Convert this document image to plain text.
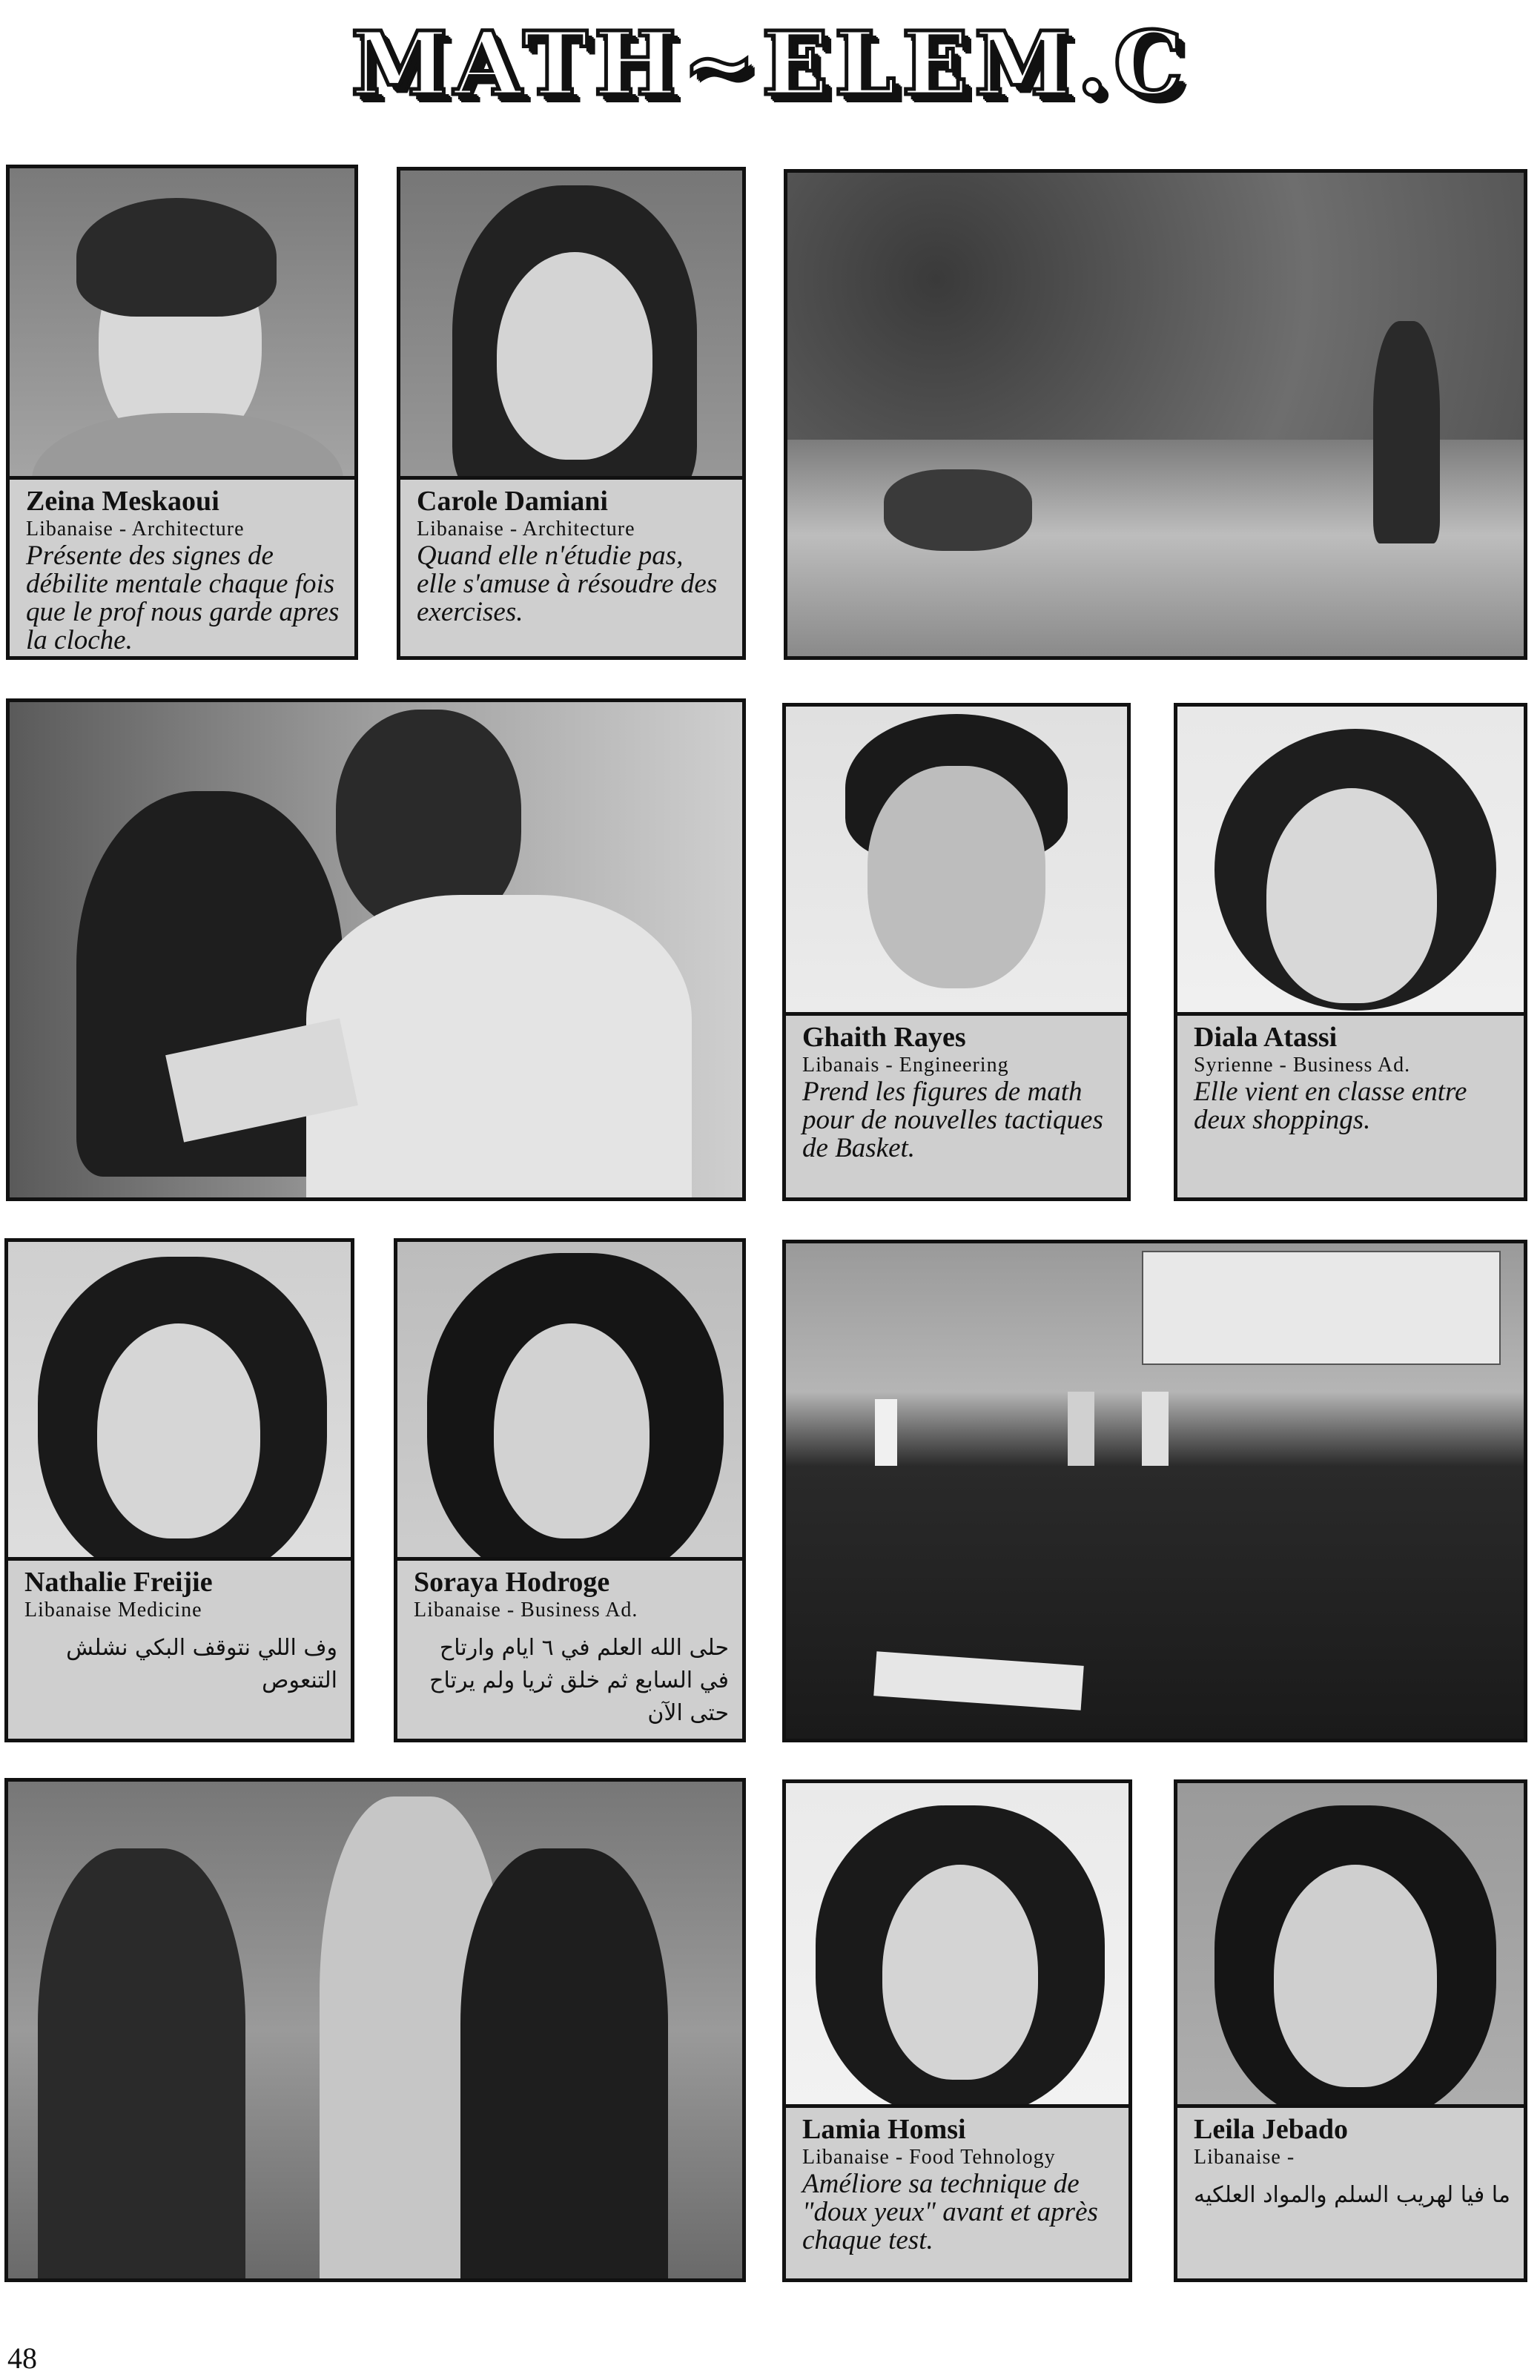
MATH~ELEM.C
Zeina Meskaoui
Libanaise - Architecture
Présente des signes de débilite mentale chaque fois que le prof nous garde apres la cloche.
Carole Damiani
Libanaise - Architecture
Quand elle n'étudie pas, elle s'amuse à résoudre des exercises.
Ghaith Rayes
Libanais - Engineering
Prend les figures de math pour de nouvelles tactiques de Basket.
Diala Atassi
Syrienne - Business Ad.
Elle vient en classe entre deux shoppings.
Nathalie Freijie
Libanaise Medicine
وف اللي نتوقف البكي نشلش التنعوص
Soraya Hodroge
Libanaise - Business Ad.
حلى الله العلم في ٦ ايام وارتاح في السابع ثم خلق ثريا ولم يرتاح حتى الآن
Lamia Homsi
Libanaise - Food Tehnology
Améliore sa technique de "doux yeux" avant et après chaque test.
Leila Jebado
Libanaise -
ما فيا لهريب السلم والمواد العلكيه
48
